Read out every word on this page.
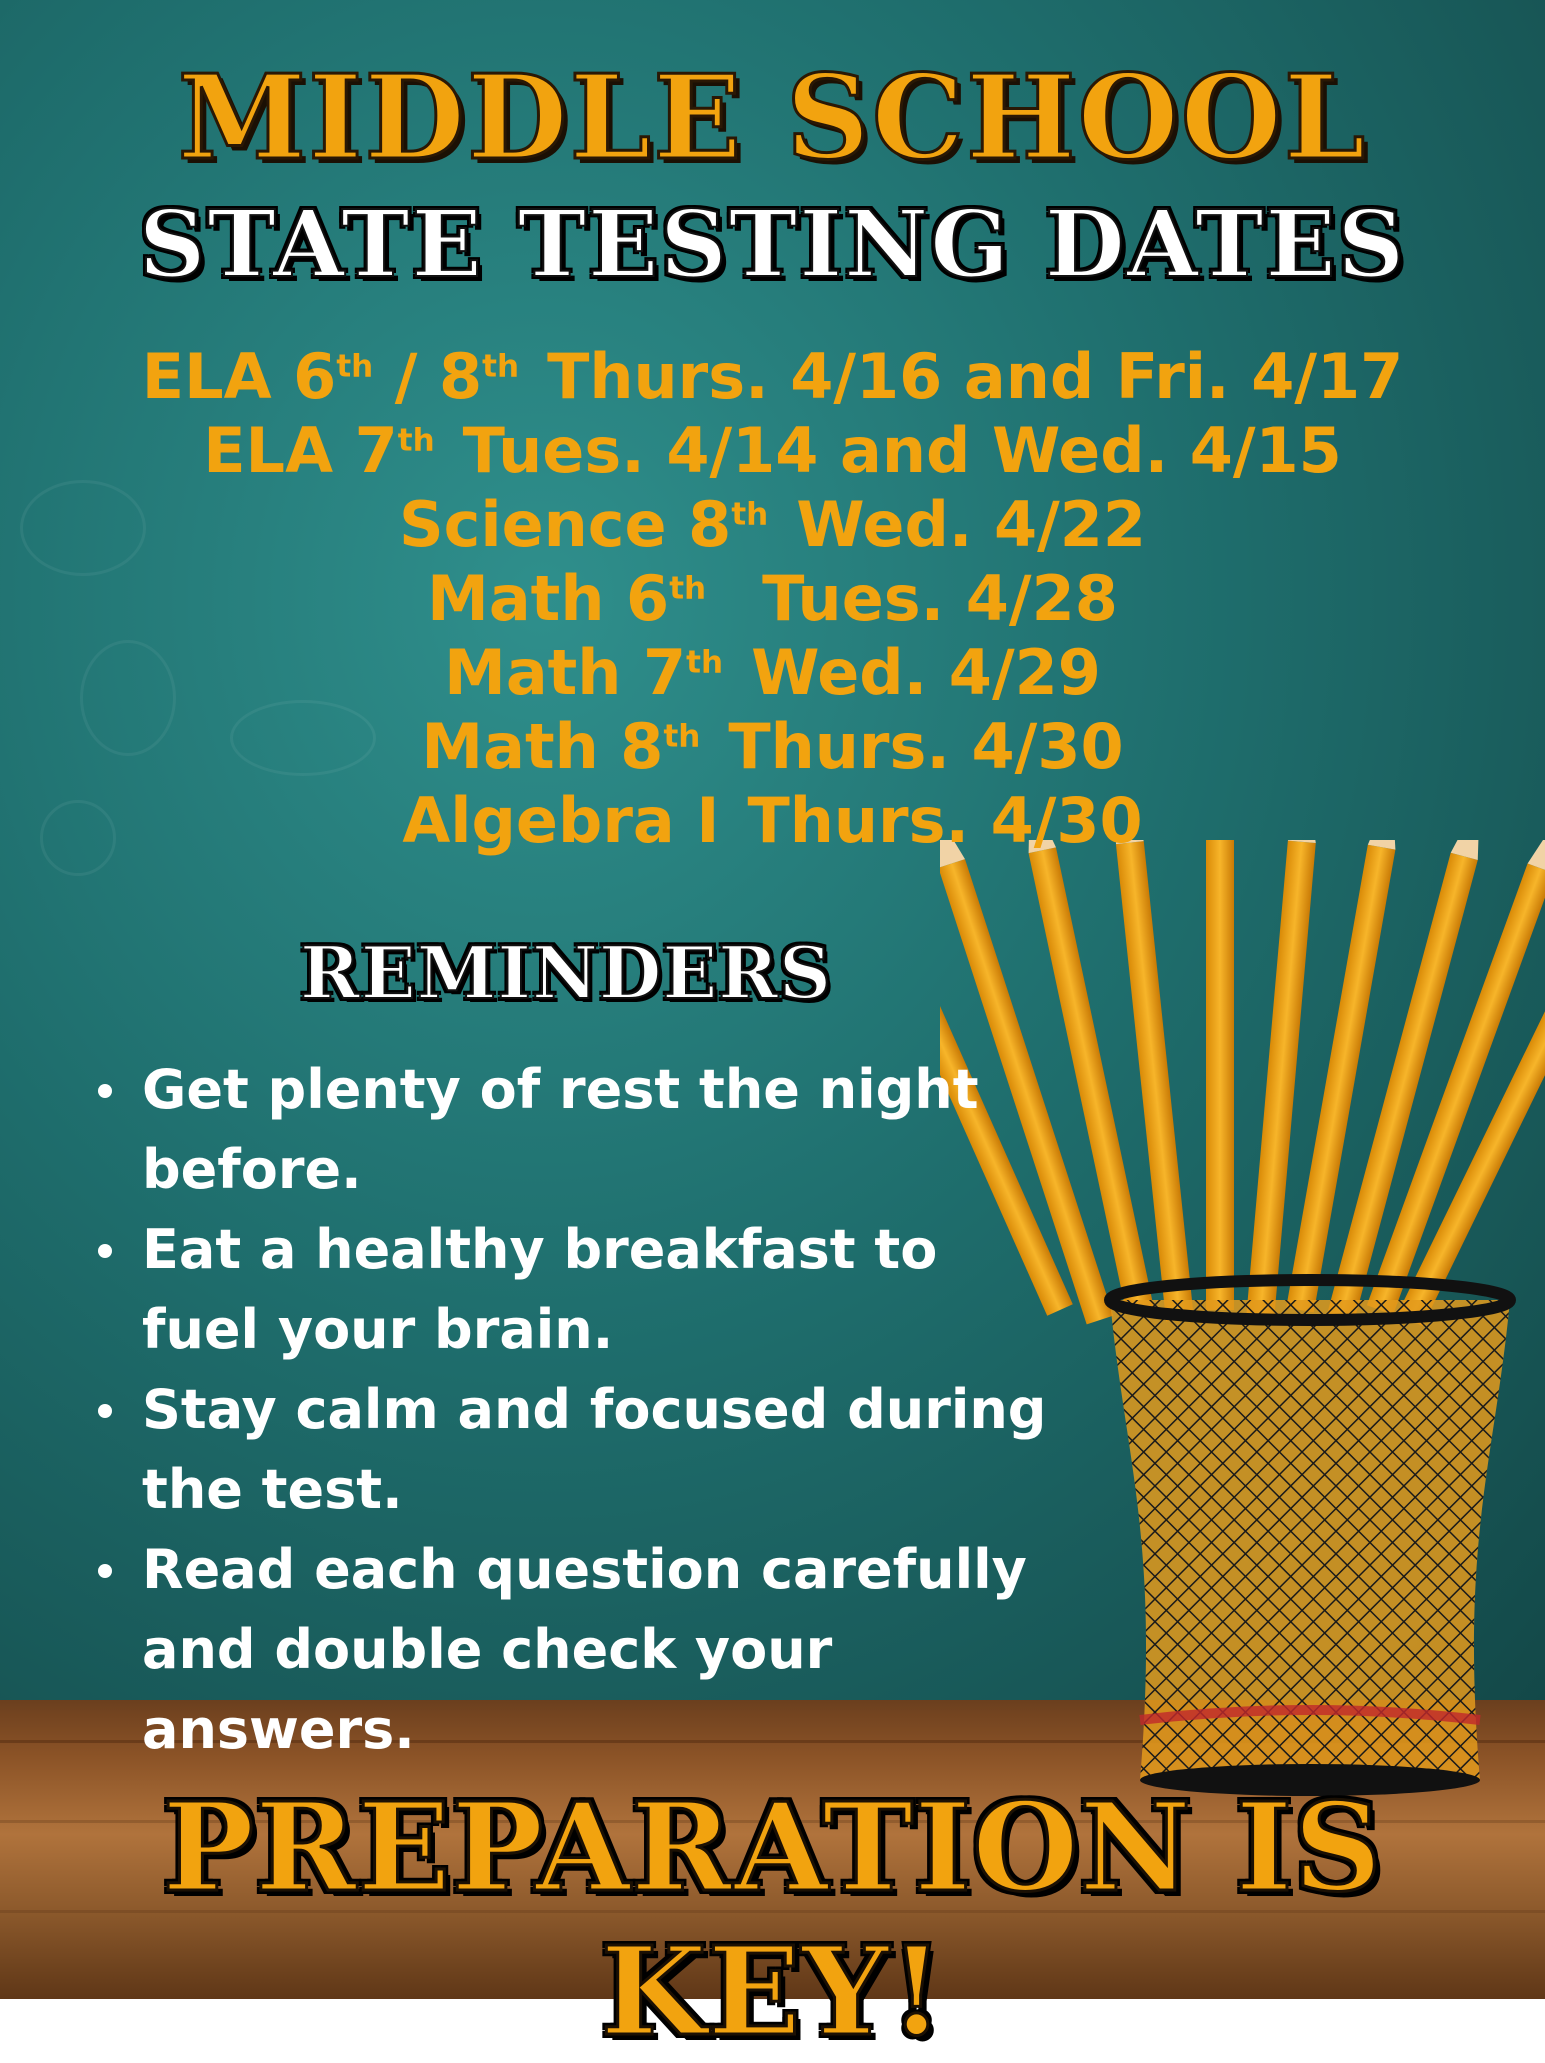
MIDDLE SCHOOL
STATE TESTING DATES
ELA 6th / 8th Thurs. 4/16 and Fri. 4/17
ELA 7th Tues. 4/14 and Wed. 4/15
Science 8th Wed. 4/22
Math 6th Tues. 4/28
Math 7th Wed. 4/29
Math 8th Thurs. 4/30
Algebra I Thurs. 4/30
REMINDERS
Get plenty of rest the night before.
Eat a healthy breakfast to fuel your brain.
Stay calm and focused during the test.
Read each question carefully and double check your answers.
PREPARATION IS KEY!
